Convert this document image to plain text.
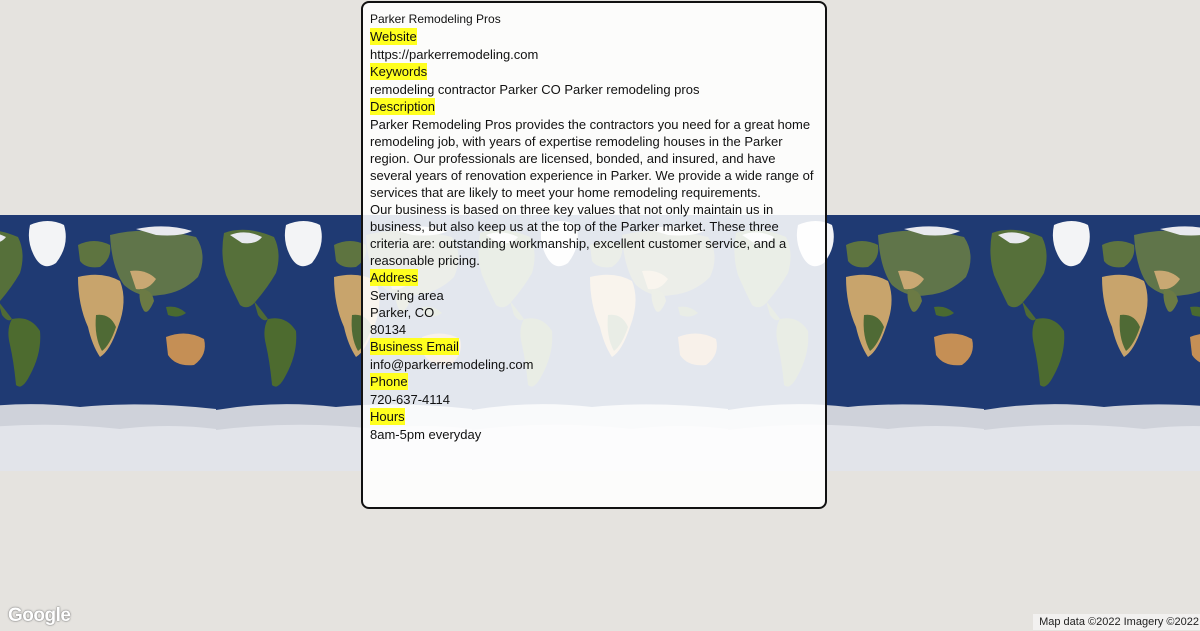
Parker Remodeling Pros
Website
https://parkerremodeling.com
Keywords
remodeling contractor Parker CO Parker remodeling pros
Description
Parker Remodeling Pros provides the contractors you need for a great home remodeling job, with years of expertise remodeling houses in the Parker region. Our professionals are licensed, bonded, and insured, and have several years of renovation experience in Parker. We provide a wide range of services that are likely to meet your home remodeling requirements.
Our business is based on three key values that not only maintain us in business, but also keep us at the top of the Parker market. These three criteria are: outstanding workmanship, excellent customer service, and a reasonable pricing.
Address
Serving area
Parker, CO
80134
Business Email
info@parkerremodeling.com
Phone
720-637-4114
Hours
8am-5pm everyday
Google	Map data ©2022 Imagery ©2022
